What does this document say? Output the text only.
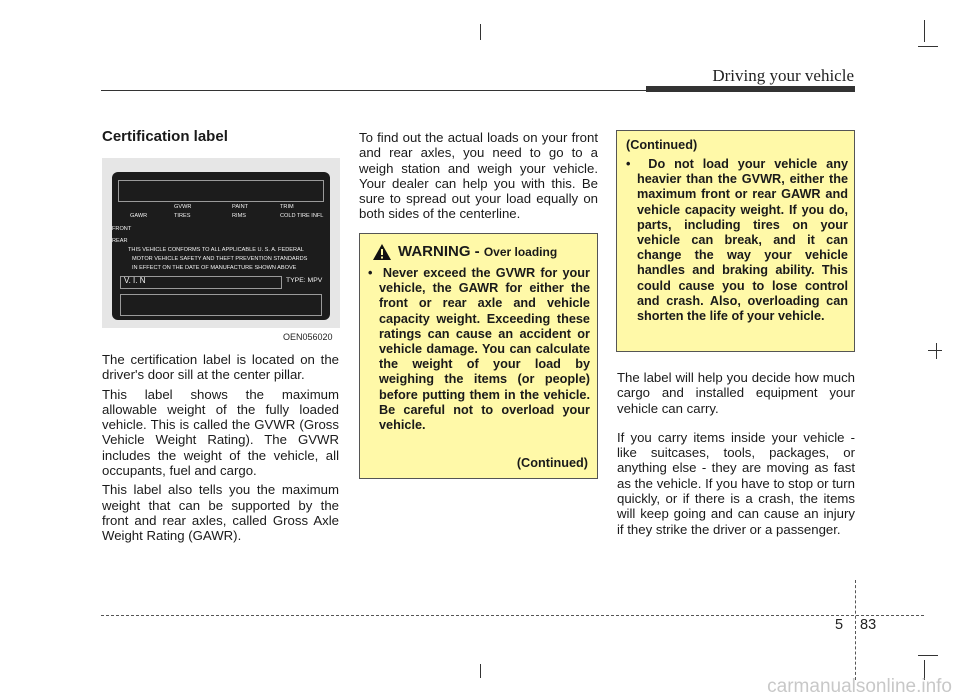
Driving your vehicle
Certification label
GVWR	PAINT	TRIM
GAWR	TIRES	RIMS	COLD TIRE INFL
FRONT
REAR
THIS VEHICLE CONFORMS TO ALL APPLICABLE U. S. A. FEDERAL
MOTOR VEHICLE SAFETY AND THEFT PREVENTION STANDARDS
IN EFFECT ON THE DATE OF MANUFACTURE SHOWN ABOVE
V. I. N	TYPE: MPV
OEN056020

The certification label is located on the driver's door sill at the center pillar.

This label shows the maximum allowable weight of the fully loaded vehicle. This is called the GVWR (Gross Vehicle Weight Rating). The GVWR includes the weight of the vehicle, all occupants, fuel and cargo.

This label also tells you the maximum weight that can be supported by the front and rear axles, called Gross Axle Weight Rating (GAWR).

To find out the actual loads on your front and rear axles, you need to go to a weigh station and weigh your vehicle. Your dealer can help you with this. Be sure to spread out your load equally on both sides of the centerline.

WARNING - Over loading
•  Never exceed the GVWR for your vehicle, the GAWR for either the front or rear axle and vehicle capacity weight. Exceeding these ratings can cause an accident or vehicle damage. You can calculate the weight of your load by weighing the items (or people) before putting them in the vehicle. Be careful not to overload your vehicle.
(Continued)
(Continued)
•  Do not load your vehicle any heavier than the GVWR, either the maximum front or rear GAWR and vehicle capacity weight. If you do, parts, including tires on your vehicle can break, and it can change the way your vehicle handles and braking ability. This could cause you to lose control and crash. Also, overloading can shorten the life of your vehicle.

The label will help you decide how much cargo and installed equipment your vehicle can carry.

If you carry items inside your vehicle - like suitcases, tools, packages, or anything else - they are moving as fast as the vehicle. If you have to stop or turn quickly, or if there is a crash, the items will keep going and can cause an injury if they strike the driver or a passenger.

5 83
carmanualsonline.info
